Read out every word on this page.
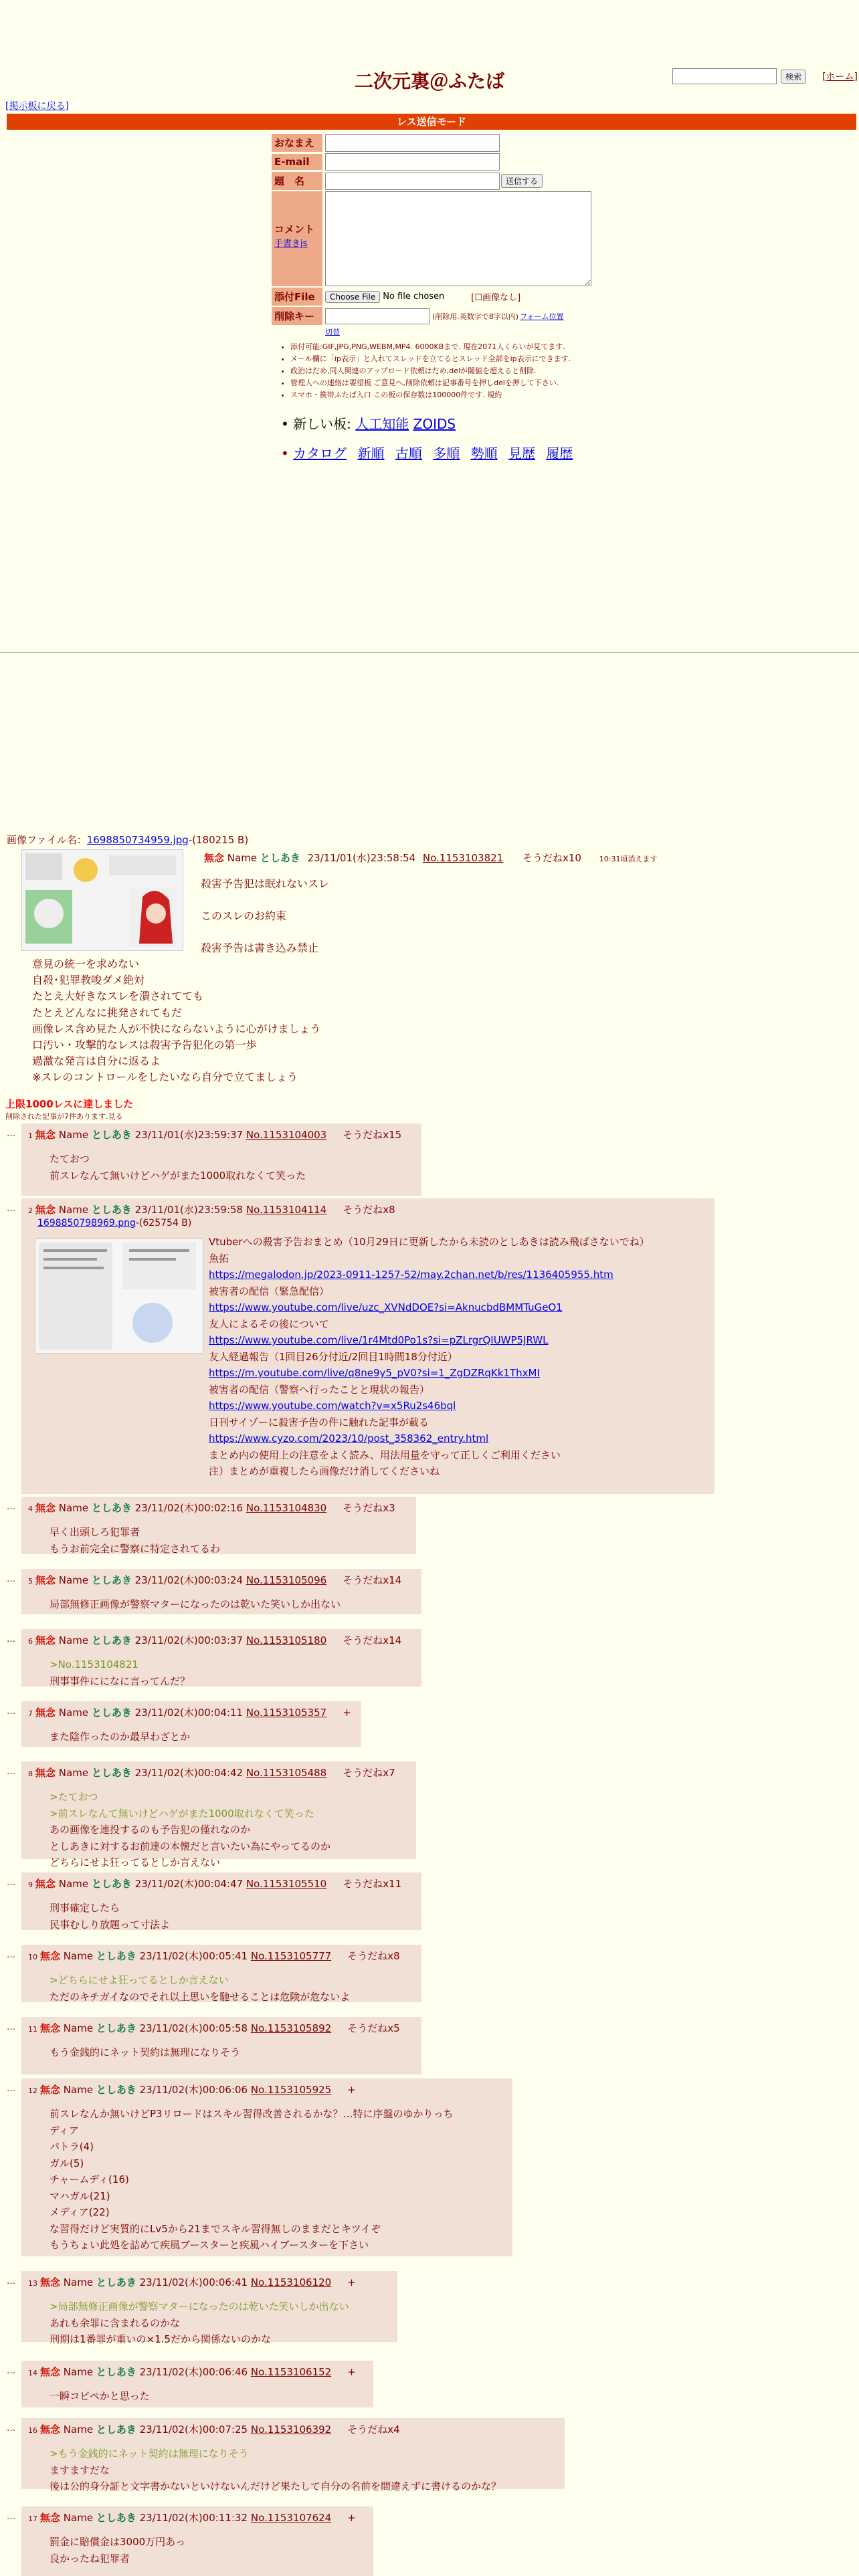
二次元裏＠ふたば	検索	[ホーム]
[掲示板に戻る]
レス送信モード
おなまえ
E-mail
題　名	送信する
コメント
手書きjs
添付File	Choose File No file chosen	[☐画像なし]
削除キー	(削除用.英数字で8字以内) フォーム位置
切替
• 添付可能:GIF,JPG,PNG,WEBM,MP4. 6000KBまで. 現在2071人くらいが見てます.
• メール欄に「ip表示」と入れてスレッドを立てるとスレッド全部をip表示にできます.
• 政治はだめ,同人関連のアップロード依頼はだめ,delが閾値を超えると削除.
• 管理人への連絡は要望板 ご意見へ,削除依頼は記事番号を押しdelを押して下さい.
• スマホ・携帯ふたば入口 この板の保存数は100000件です. 規約
• 新しい板: 人工知能 ZOIDS
• カタログ 新順 古順 多順 勢順 見歴 履歴
画像ファイル名：1698850734959.jpg-(180215 B)
無念 Name としあき 23/11/01(水)23:58:54 No.1153103821 そうだねx10 10:31頃消えます
殺害予告犯は眠れないスレ
このスレのお約束
殺害予告は書き込み禁止
意見の統一を求めない
自殺･犯罪教唆ダメ絶対
たとえ大好きなスレを潰されてても
たとえどんなに挑発されてもだ
画像レス含め見た人が不快にならないように心がけましょう
口汚い・攻撃的なレスは殺害予告犯化の第一歩
過激な発言は自分に返るよ
※スレのコントロールをしたいなら自分で立てましょう
上限1000レスに達しました
削除された記事が7件あります.見る
… 1 無念 Name としあき 23/11/01(水)23:59:37 No.1153104003 そうだねx15
たておつ
前スレなんて無いけどハゲがまた1000取れなくて笑った
… 2 無念 Name としあき 23/11/01(水)23:59:58 No.1153104114 そうだねx8
1698850798969.png-(625754 B)
Vtuberへの殺害予告おまとめ（10月29日に更新したから未読のとしあきは読み飛ばさないでね）
魚拓
https://megalodon.jp/2023-0911-1257-52/may.2chan.net/b/res/1136405955.htm
被害者の配信（緊急配信）
https://www.youtube.com/live/uzc_XVNdDOE?si=AknucbdBMMTuGeO1
友人によるその後について
https://www.youtube.com/live/1r4Mtd0Po1s?si=pZLrgrQIUWP5JRWL
友人経過報告（1回目26分付近/2回目1時間18分付近）
https://m.youtube.com/live/q8ne9y5_pV0?si=1_ZgDZRqKk1ThxMI
被害者の配信（警察へ行ったことと現状の報告）
https://www.youtube.com/watch?v=x5Ru2s46bql
日刊サイゾーに殺害予告の件に触れた記事が載る
https://www.cyzo.com/2023/10/post_358362_entry.html
まとめ内の使用上の注意をよく読み、用法用量を守って正しくご利用ください
注）まとめが重複したら画像だけ消してくださいね
… 4 無念 Name としあき 23/11/02(木)00:02:16 No.1153104830 そうだねx3
早く出頭しろ犯罪者
もうお前完全に警察に特定されてるわ
… 5 無念 Name としあき 23/11/02(木)00:03:24 No.1153105096 そうだねx14
局部無修正画像が警察マターになったのは乾いた笑いしか出ない
… 6 無念 Name としあき 23/11/02(木)00:03:37 No.1153105180 そうだねx14
>No.1153104821
刑事事件にになに言ってんだ？
… 7 無念 Name としあき 23/11/02(木)00:04:11 No.1153105357 +
また陰作ったのか最早わざとか
… 8 無念 Name としあき 23/11/02(木)00:04:42 No.1153105488 そうだねx7
>たておつ
>前スレなんて無いけどハゲがまた1000取れなくて笑った
あの画像を連投するのも予告犯の僅れなのか
としあきに対するお前達の本懐だと言いたい為にやってるのか
どちらにせよ狂ってるとしか言えない
… 9 無念 Name としあき 23/11/02(木)00:04:47 No.1153105510 そうだねx11
刑事確定したら
民事むしり放題って寸法よ
… 10 無念 Name としあき 23/11/02(木)00:05:41 No.1153105777 そうだねx8
>どちらにせよ狂ってるとしか言えない
ただのキチガイなのでそれ以上思いを馳せることは危険が危ないよ
… 11 無念 Name としあき 23/11/02(木)00:05:58 No.1153105892 そうだねx5
もう金銭的にネット契約は無理になりそう
… 12 無念 Name としあき 23/11/02(木)00:06:06 No.1153105925 +
前スレなんか無いけどP3リロードはスキル習得改善されるかな？…特に序盤のゆかりっち
ディア
パトラ(4)
ガル(5)
チャームディ(16)
マハガル(21)
メディア(22)
な習得だけど実質的にLv5から21までスキル習得無しのままだとキツイぞ
もうちょい此処を詰めて疾風ブースターと疾風ハイブースターを下さい
… 13 無念 Name としあき 23/11/02(木)00:06:41 No.1153106120 +
>局部無修正画像が警察マターになったのは乾いた笑いしか出ない
あれも余罪に含まれるのかな
刑期は1番罪が重いの×1.5だから関係ないのかな
… 14 無念 Name としあき 23/11/02(木)00:06:46 No.1153106152 +
一瞬コピペかと思った
… 16 無念 Name としあき 23/11/02(木)00:07:25 No.1153106392 そうだねx4
>もう金銭的にネット契約は無理になりそう
ますますだな
後は公的身分証と文字書かないといけないんだけど果たして自分の名前を間違えずに書けるのかな？
… 17 無念 Name としあき 23/11/02(木)00:11:32 No.1153107624 +
罰金に賠償金は3000万円あっ
良かったね犯罪者
